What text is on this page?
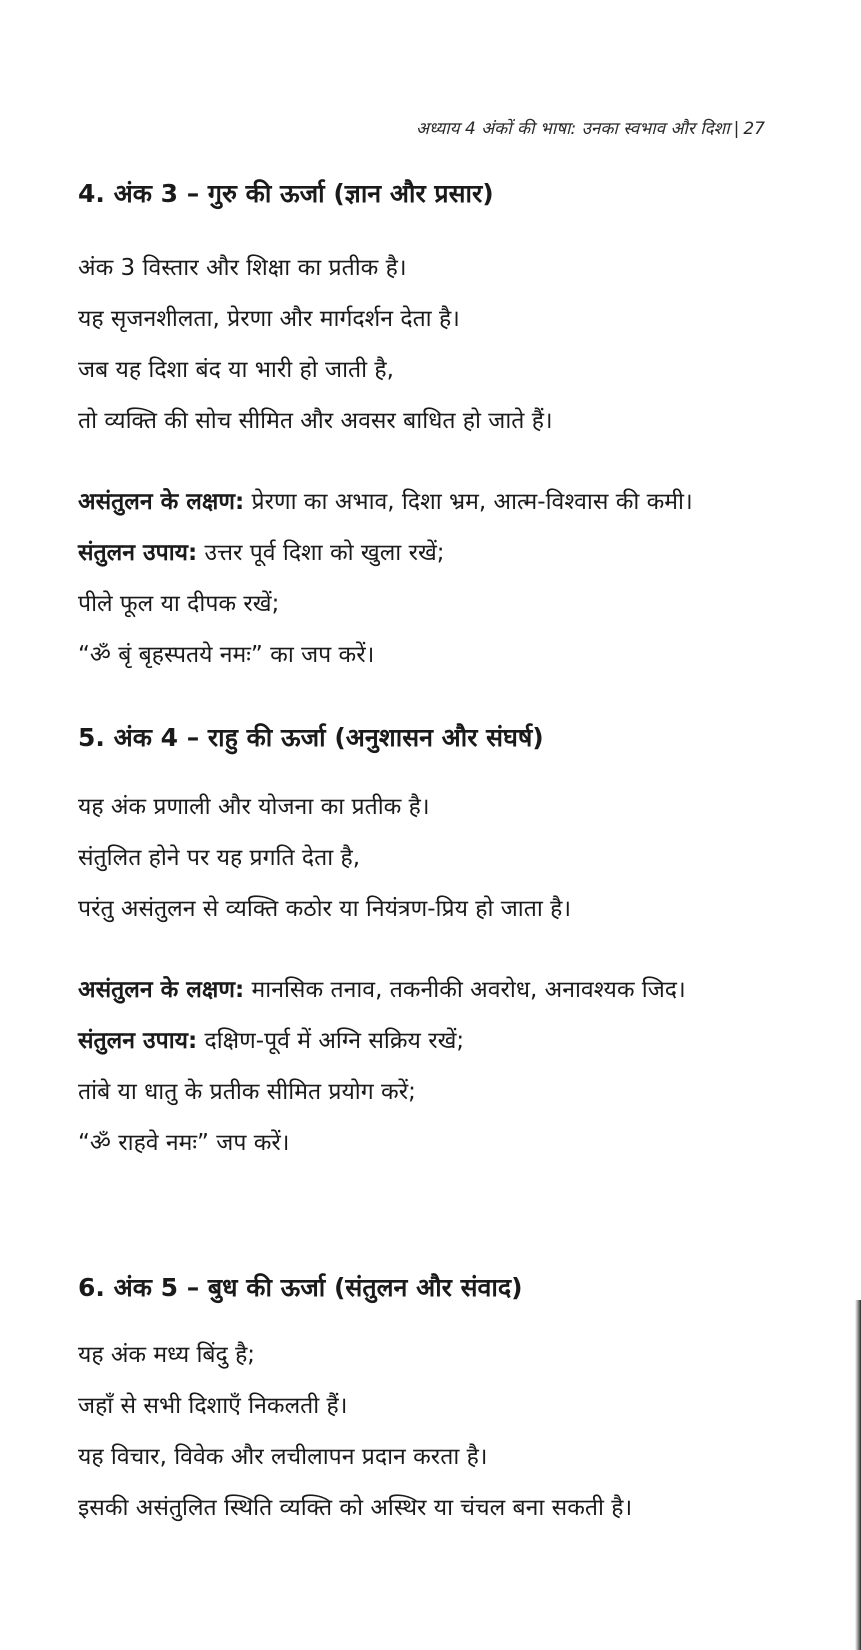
अध्याय 4 अंकों की भाषा: उनका स्वभाव और दिशा | 27

4. अंक 3 – गुरु की ऊर्जा (ज्ञान और प्रसार)

अंक 3 विस्तार और शिक्षा का प्रतीक है।

यह सृजनशीलता, प्रेरणा और मार्गदर्शन देता है।

जब यह दिशा बंद या भारी हो जाती है,

तो व्यक्ति की सोच सीमित और अवसर बाधित हो जाते हैं।

असंतुलन के लक्षण: प्रेरणा का अभाव, दिशा भ्रम, आत्म-विश्वास की कमी।

संतुलन उपाय: उत्तर पूर्व दिशा को खुला रखें;

पीले फूल या दीपक रखें;

“ॐ बृं बृहस्पतये नमः” का जप करें।

5. अंक 4 – राहु की ऊर्जा (अनुशासन और संघर्ष)

यह अंक प्रणाली और योजना का प्रतीक है।

संतुलित होने पर यह प्रगति देता है,

परंतु असंतुलन से व्यक्ति कठोर या नियंत्रण-प्रिय हो जाता है।

असंतुलन के लक्षण: मानसिक तनाव, तकनीकी अवरोध, अनावश्यक जिद।

संतुलन उपाय: दक्षिण-पूर्व में अग्नि सक्रिय रखें;

तांबे या धातु के प्रतीक सीमित प्रयोग करें;

“ॐ राहवे नमः” जप करें।

6. अंक 5 – बुध की ऊर्जा (संतुलन और संवाद)

यह अंक मध्य बिंदु है;

जहाँ से सभी दिशाएँ निकलती हैं।

यह विचार, विवेक और लचीलापन प्रदान करता है।

इसकी असंतुलित स्थिति व्यक्ति को अस्थिर या चंचल बना सकती है।
